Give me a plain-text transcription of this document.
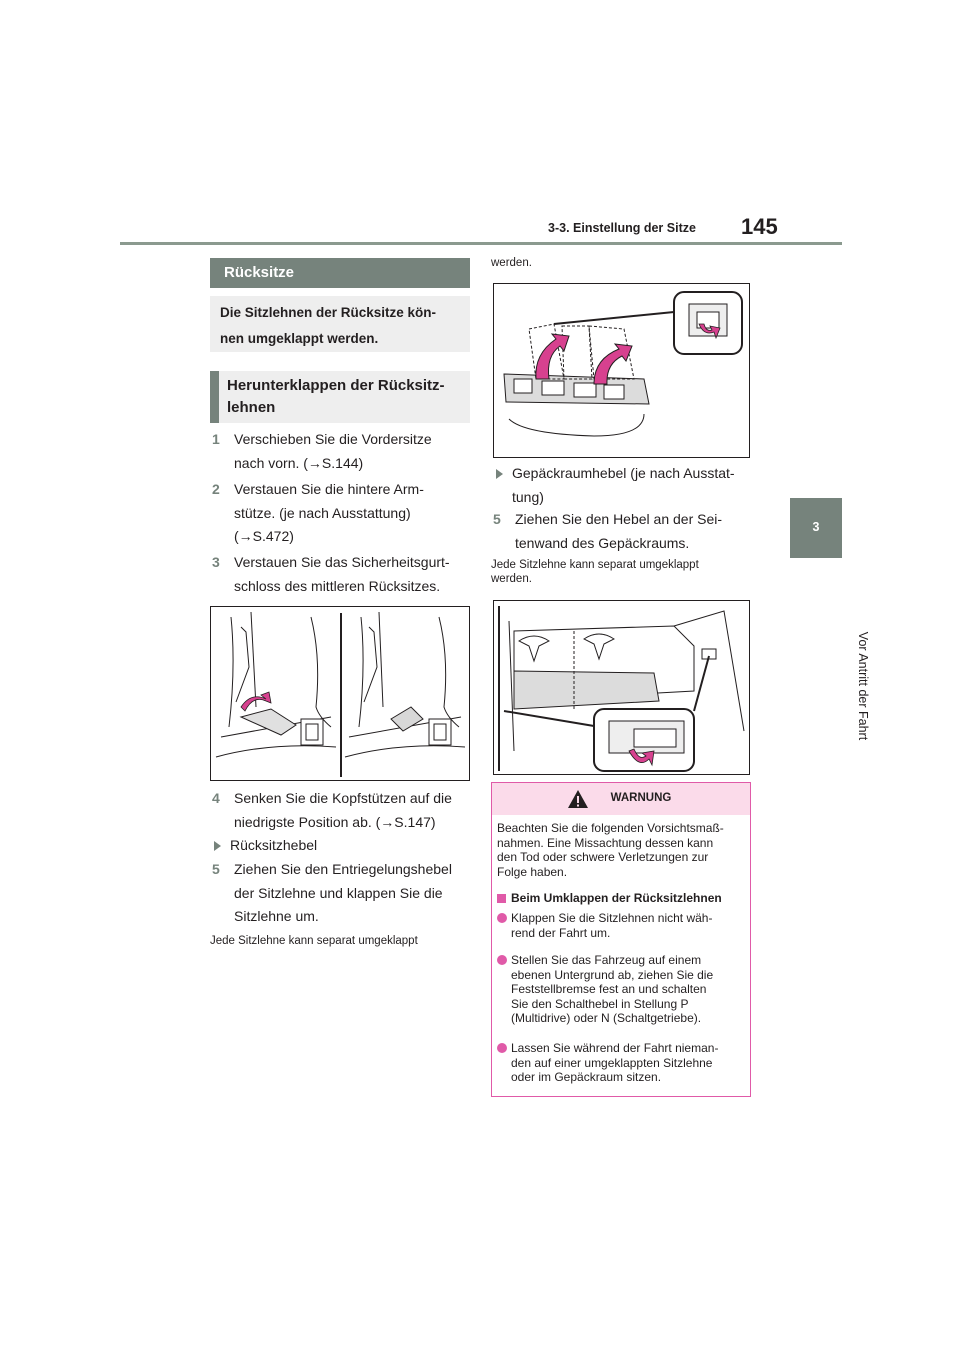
3-3. Einstellung der Sitze 145
3
Vor Antritt der Fahrt
Rücksitze
Die Sitzlehnen der Rücksitze kön-
nen umgeklappt werden.
Herunterklappen der Rücksitz-
lehnen
1 Verschieben Sie die Vordersitze
nach vorn. (→S.144)
2 Verstauen Sie die hintere Arm-
stütze. (je nach Ausstattung)
(→S.472)
3 Verstauen Sie das Sicherheitsgurt-
schloss des mittleren Rücksitzes.
4 Senken Sie die Kopfstützen auf die
niedrigste Position ab. (→S.147)
Rücksitzhebel
5 Ziehen Sie den Entriegelungshebel
der Sitzlehne und klappen Sie die
Sitzlehne um.
Jede Sitzlehne kann separat umgeklappt
werden.
Gepäckraumhebel (je nach Ausstat-
tung)
5 Ziehen Sie den Hebel an der Sei-
tenwand des Gepäckraums.
Jede Sitzlehne kann separat umgeklappt
werden.
WARNUNG
Beachten Sie die folgenden Vorsichtsmaß-
nahmen. Eine Missachtung dessen kann
den Tod oder schwere Verletzungen zur
Folge haben.
Beim Umklappen der Rücksitzlehnen
Klappen Sie die Sitzlehnen nicht wäh-
rend der Fahrt um.
Stellen Sie das Fahrzeug auf einem
ebenen Untergrund ab, ziehen Sie die
Feststellbremse fest an und schalten
Sie den Schalthebel in Stellung P
(Multidrive) oder N (Schaltgetriebe).
Lassen Sie während der Fahrt nieman-
den auf einer umgeklappten Sitzlehne
oder im Gepäckraum sitzen.
